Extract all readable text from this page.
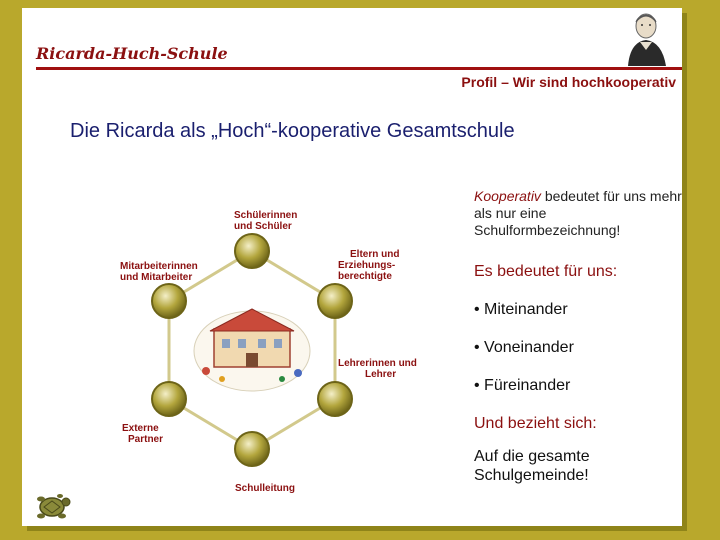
Ricarda-Huch-Schule
Profil – Wir sind hochkooperativ
Die Ricarda als „Hoch“-kooperative Gesamtschule
Schülerinnen und Schüler
Eltern und Erziehungs- berechtigte
Lehrerinnen und Lehrer
Schulleitung
Externe Partner
Mitarbeiterinnen und Mitarbeiter
Kooperativ bedeutet für uns mehr als nur eine Schulformbezeichnung!
Es bedeutet für uns:
• Miteinander
• Voneinander
• Füreinander
Und bezieht sich:
Auf die gesamte Schulgemeinde!
